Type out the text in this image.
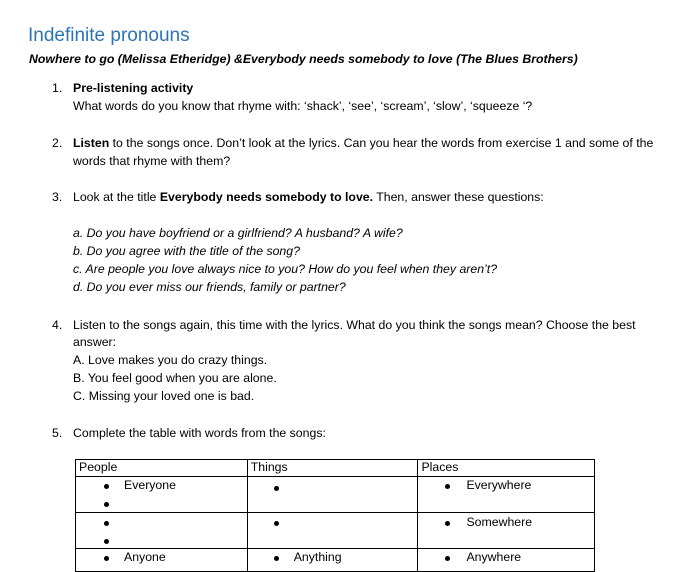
Indefinite pronouns
Nowhere to go (Melissa Etheridge) &Everybody needs somebody to love (The Blues Brothers)
1. Pre-listening activity
What words do you know that rhyme with: ‘shack’, ‘see’, ‘scream’, ‘slow’, ‘squeeze ‘?
2. Listen to the songs once. Don’t look at the lyrics. Can you hear the words from exercise 1 and some of the
words that rhyme with them?
3. Look at the title Everybody needs somebody to love. Then, answer these questions:
a. Do you have boyfriend or a girlfriend? A husband? A wife?
b. Do you agree with the title of the song?
c. Are people you love always nice to you? How do you feel when they aren’t?
d. Do you ever miss our friends, family or partner?
4. Listen to the songs again, this time with the lyrics. What do you think the songs mean? Choose the best
answer:
A. Love makes you do crazy things.
B. You feel good when you are alone.
C. Missing your loved one is bad.
5. Complete the table with words from the songs:
People	Things	Places

Everyone		Everywhere

		Somewhere

Anyone	Anything	Anywhere
